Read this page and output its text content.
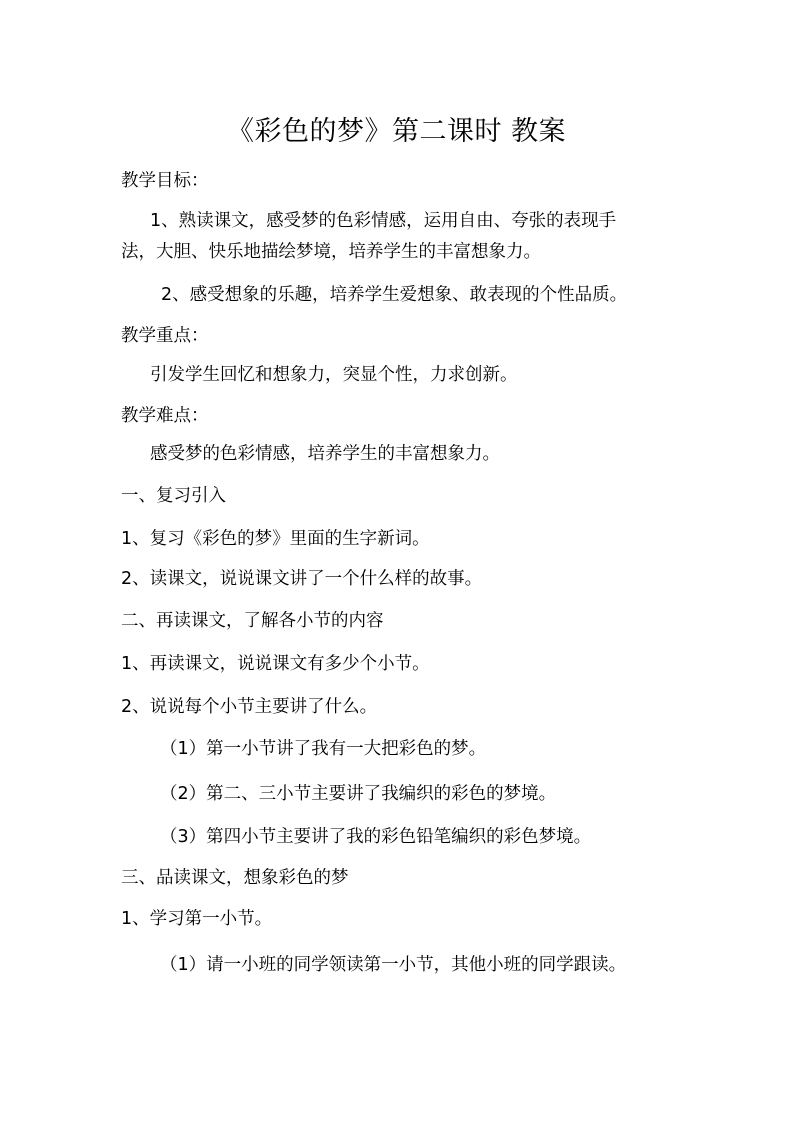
《彩色的梦》第二课时 教案
教学目标：
1、熟读课文，感受梦的色彩情感，运用自由、夸张的表现手
法，大胆、快乐地描绘梦境，培养学生的丰富想象力。
2、感受想象的乐趣，培养学生爱想象、敢表现的个性品质。
教学重点：
引发学生回忆和想象力，突显个性，力求创新。
教学难点：
感受梦的色彩情感，培养学生的丰富想象力。
一、复习引入
1、复习《彩色的梦》里面的生字新词。
2、读课文，说说课文讲了一个什么样的故事。
二、再读课文，了解各小节的内容
1、再读课文，说说课文有多少个小节。
2、说说每个小节主要讲了什么。
（1）第一小节讲了我有一大把彩色的梦。
（2）第二、三小节主要讲了我编织的彩色的梦境。
（3）第四小节主要讲了我的彩色铅笔编织的彩色梦境。
三、品读课文，想象彩色的梦
1、学习第一小节。
（1）请一小班的同学领读第一小节，其他小班的同学跟读。
